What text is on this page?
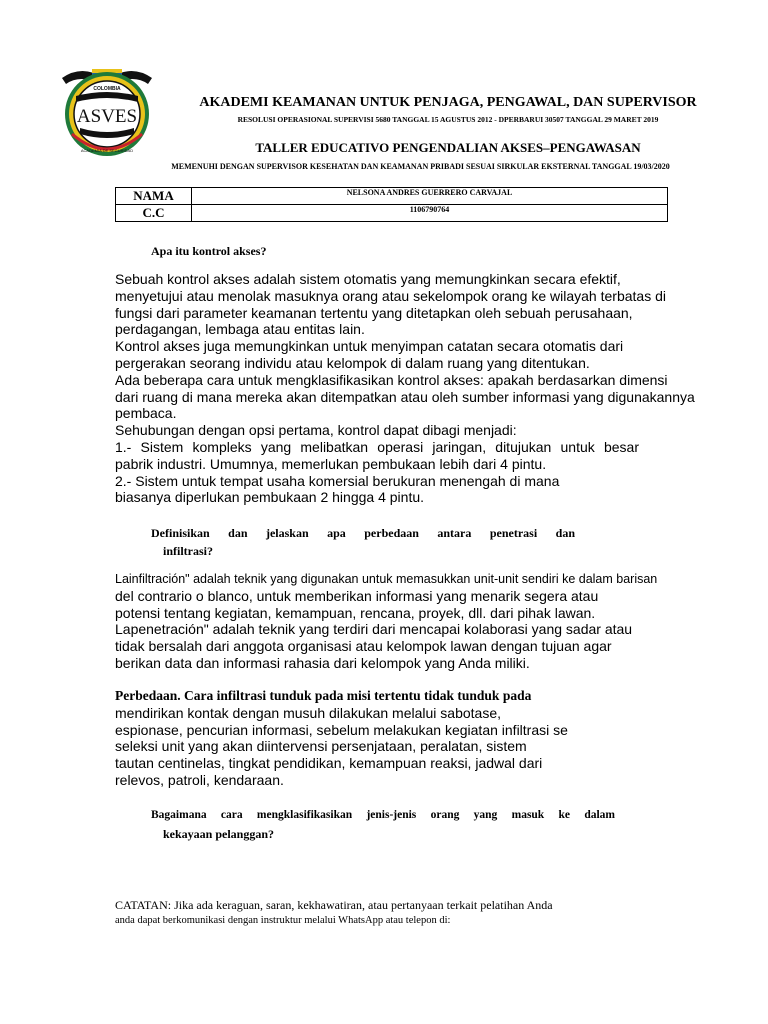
COLOMBIA
ASVES
ACADEMIA DE SEGURIDAD
AKADEMI KEAMANAN UNTUK PENJAGA, PENGAWAL, DAN SUPERVISOR
RESOLUSI OPERASIONAL SUPERVISI 5680 TANGGAL 15 AGUSTUS 2012 - DPERBARUI 30507 TANGGAL 29 MARET 2019
TALLER EDUCATIVO PENGENDALIAN AKSES–PENGAWASAN
MEMENUHI DENGAN SUPERVISOR KESEHATAN DAN KEAMANAN PRIBADI SESUAI SIRKULAR EKSTERNAL TANGGAL 19/03/2020
NAMA	NELSONA ANDRES GUERRERO CARVAJAL
C.C	1106790764
Apa itu kontrol akses?
Sebuah kontrol akses adalah sistem otomatis yang memungkinkan secara efektif,
menyetujui atau menolak masuknya orang atau sekelompok orang ke wilayah terbatas di
fungsi dari parameter keamanan tertentu yang ditetapkan oleh sebuah perusahaan,
perdagangan, lembaga atau entitas lain.
Kontrol akses juga memungkinkan untuk menyimpan catatan secara otomatis dari
pergerakan seorang individu atau kelompok di dalam ruang yang ditentukan.
Ada beberapa cara untuk mengklasifikasikan kontrol akses: apakah berdasarkan dimensi
dari ruang di mana mereka akan ditempatkan atau oleh sumber informasi yang digunakannya
pembaca.
Sehubungan dengan opsi pertama, kontrol dapat dibagi menjadi:
1.- Sistem kompleks yang melibatkan operasi jaringan, ditujukan untuk besar
pabrik industri. Umumnya, memerlukan pembukaan lebih dari 4 pintu.
2.- Sistem untuk tempat usaha komersial berukuran menengah di mana
biasanya diperlukan pembukaan 2 hingga 4 pintu.
Definisikan dan jelaskan apa perbedaan antara penetrasi dan
infiltrasi?
Lainfiltración" adalah teknik yang digunakan untuk memasukkan unit-unit sendiri ke dalam barisan
del contrario o blanco, untuk memberikan informasi yang menarik segera atau
potensi tentang kegiatan, kemampuan, rencana, proyek, dll. dari pihak lawan.
Lapenetración" adalah teknik yang terdiri dari mencapai kolaborasi yang sadar atau
tidak bersalah dari anggota organisasi atau kelompok lawan dengan tujuan agar
berikan data dan informasi rahasia dari kelompok yang Anda miliki.
Perbedaan. Cara infiltrasi tunduk pada misi tertentu tidak tunduk pada
mendirikan kontak dengan musuh dilakukan melalui sabotase,
espionase, pencurian informasi, sebelum melakukan kegiatan infiltrasi se
seleksi unit yang akan diintervensi persenjataan, peralatan, sistem
tautan centinelas, tingkat pendidikan, kemampuan reaksi, jadwal dari
relevos, patroli, kendaraan.
Bagaimana cara mengklasifikasikan jenis-jenis orang yang masuk ke dalam
kekayaan pelanggan?
CATATAN: Jika ada keraguan, saran, kekhawatiran, atau pertanyaan terkait pelatihan Anda
anda dapat berkomunikasi dengan instruktur melalui WhatsApp atau telepon di:
